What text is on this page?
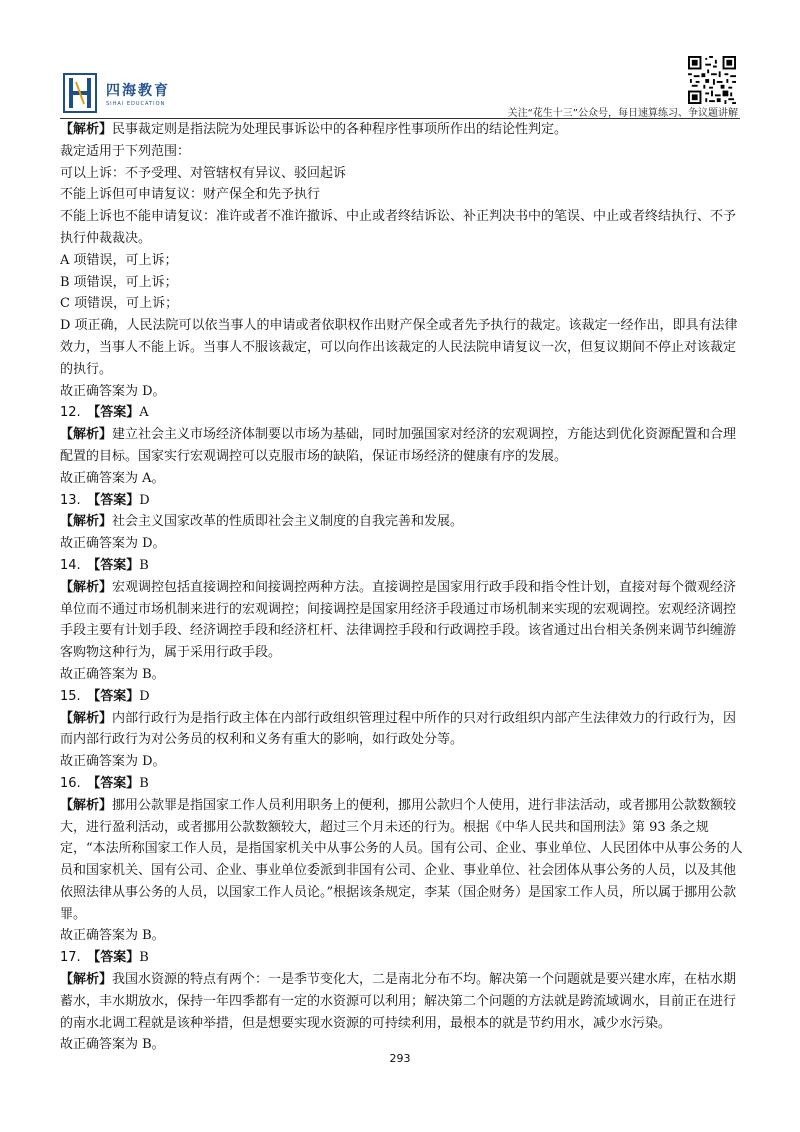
四海教育
SIHAI EDUCATION
关注“花生十三”公众号，每日速算练习、争议题讲解

【解析】民事裁定则是指法院为处理民事诉讼中的各种程序性事项所作出的结论性判定。

裁定适用于下列范围：

可以上诉：不予受理、对管辖权有异议、驳回起诉

不能上诉但可申请复议：财产保全和先予执行

不能上诉也不能申请复议：准许或者不准许撤诉、中止或者终结诉讼、补正判决书中的笔误、中止或者终结执行、不予执行仲裁裁决。

A 项错误，可上诉；

B 项错误，可上诉；

C 项错误，可上诉；

D 项正确，人民法院可以依当事人的申请或者依职权作出财产保全或者先予执行的裁定。该裁定一经作出，即具有法律效力，当事人不能上诉。当事人不服该裁定，可以向作出该裁定的人民法院申请复议一次，但复议期间不停止对该裁定的执行。

故正确答案为 D。

12.　【答案】A

【解析】建立社会主义市场经济体制要以市场为基础，同时加强国家对经济的宏观调控，方能达到优化资源配置和合理配置的目标。国家实行宏观调控可以克服市场的缺陷，保证市场经济的健康有序的发展。

故正确答案为 A。

13.　【答案】D

【解析】社会主义国家改革的性质即社会主义制度的自我完善和发展。

故正确答案为 D。

14.　【答案】B

【解析】宏观调控包括直接调控和间接调控两种方法。直接调控是国家用行政手段和指令性计划，直接对每个微观经济单位而不通过市场机制来进行的宏观调控；间接调控是国家用经济手段通过市场机制来实现的宏观调控。宏观经济调控手段主要有计划手段、经济调控手段和经济杠杆、法律调控手段和行政调控手段。该省通过出台相关条例来调节纠缠游客购物这种行为，属于采用行政手段。

故正确答案为 B。

15.　【答案】D

【解析】内部行政行为是指行政主体在内部行政组织管理过程中所作的只对行政组织内部产生法律效力的行政行为，因而内部行政行为对公务员的权利和义务有重大的影响，如行政处分等。

故正确答案为 D。

16.　【答案】B

【解析】挪用公款罪是指国家工作人员利用职务上的便利，挪用公款归个人使用，进行非法活动，或者挪用公款数额较大，进行盈利活动，或者挪用公款数额较大，超过三个月未还的行为。根据《中华人民共和国刑法》第 93 条之规定，“本法所称国家工作人员，是指国家机关中从事公务的人员。国有公司、企业、事业单位、人民团体中从事公务的人员和国家机关、国有公司、企业、事业单位委派到非国有公司、企业、事业单位、社会团体从事公务的人员，以及其他依照法律从事公务的人员，以国家工作人员论。”根据该条规定，李某（国企财务）是国家工作人员，所以属于挪用公款罪。

故正确答案为 B。

17.　【答案】B

【解析】我国水资源的特点有两个：一是季节变化大，二是南北分布不均。解决第一个问题就是要兴建水库，在枯水期蓄水，丰水期放水，保持一年四季都有一定的水资源可以利用；解决第二个问题的方法就是跨流域调水，目前正在进行的南水北调工程就是该种举措，但是想要实现水资源的可持续利用，最根本的就是节约用水，减少水污染。

故正确答案为 B。

293
